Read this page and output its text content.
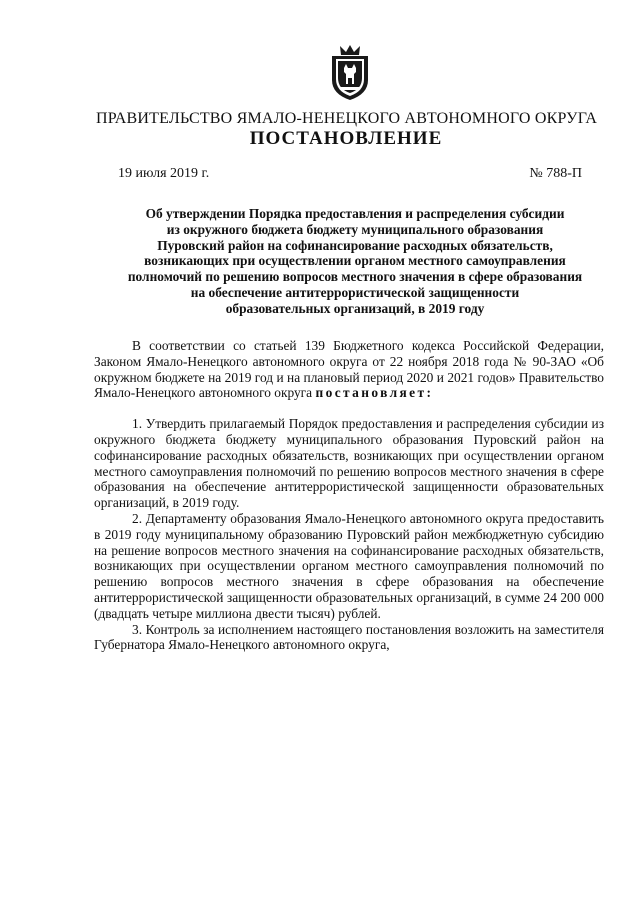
ПРАВИТЕЛЬСТВО ЯМАЛО-НЕНЕЦКОГО АВТОНОМНОГО ОКРУГА
ПОСТАНОВЛЕНИЕ
19 июля 2019 г.	№ 788-П
Об утверждении Порядка предоставления и распределения субсидии
из окружного бюджета бюджету муниципального образования
Пуровский район на софинансирование расходных обязательств,
возникающих при осуществлении органом местного самоуправления
полномочий по решению вопросов местного значения в сфере образования
на обеспечение антитеррористической защищенности
образовательных организаций, в 2019 году

В соответствии со статьей 139 Бюджетного кодекса Российской Федерации, Законом Ямало-Ненецкого автономного округа от 22 ноября 2018 года № 90-ЗАО «Об окружном бюджете на 2019 год и на плановый период 2020 и 2021 годов» Правительство Ямало-Ненецкого автономного округа постановляет:

1. Утвердить прилагаемый Порядок предоставления и распределения субсидии из окружного бюджета бюджету муниципального образования Пуровский район на софинансирование расходных обязательств, возникающих при осуществлении органом местного самоуправления полномочий по решению вопросов местного значения в сфере образования на обеспечение антитеррористической защищенности образовательных организаций, в 2019 году.

2. Департаменту образования Ямало-Ненецкого автономного округа предоставить в 2019 году муниципальному образованию Пуровский район межбюджетную субсидию на решение вопросов местного значения на софинансирование расходных обязательств, возникающих при осуществлении органом местного самоуправления полномочий по решению вопросов местного значения в сфере образования на обеспечение антитеррористической защищенности образовательных организаций, в сумме 24 200 000 (двадцать четыре миллиона двести тысяч) рублей.

3. Контроль за исполнением настоящего постановления возложить на заместителя Губернатора Ямало-Ненецкого автономного округа,
